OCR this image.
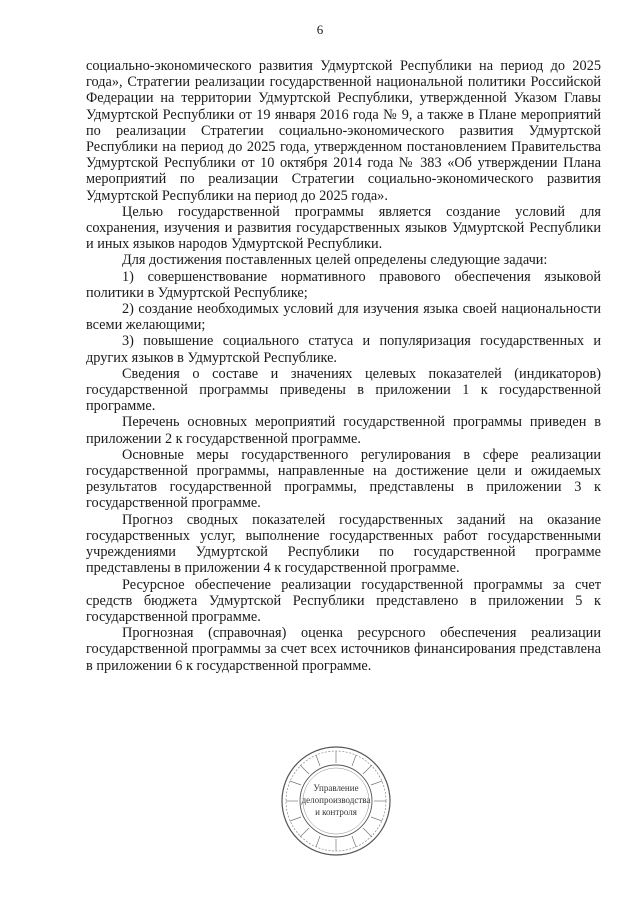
6

социально-экономического развития Удмуртской Республики на период до 2025 года», Стратегии реализации государственной национальной политики Российской Федерации на территории Удмуртской Республики, утвержденной Указом Главы Удмуртской Республики от 19 января 2016 года № 9, а также в Плане мероприятий по реализации Стратегии социально-экономического развития Удмуртской Республики на период до 2025 года, утвержденном постановлением Правительства Удмуртской Республики от 10 октября 2014 года № 383 «Об утверждении Плана мероприятий по реализации Стратегии социально-экономического развития Удмуртской Республики на период до 2025 года».

Целью государственной программы является создание условий для сохранения, изучения и развития государственных языков Удмуртской Республики и иных языков народов Удмуртской Республики.

Для достижения поставленных целей определены следующие задачи:

1) совершенствование нормативного правового обеспечения языковой политики в Удмуртской Республике;

2) создание необходимых условий для изучения языка своей национальности всеми желающими;

3) повышение социального статуса и популяризация государственных и других языков в Удмуртской Республике.

Сведения о составе и значениях целевых показателей (индикаторов) государственной программы приведены в приложении 1 к государственной программе.

Перечень основных мероприятий государственной программы приведен в приложении 2 к государственной программе.

Основные меры государственного регулирования в сфере реализации государственной программы, направленные на достижение цели и ожидаемых результатов государственной программы, представлены в приложении 3 к государственной программе.

Прогноз сводных показателей государственных заданий на оказание государственных услуг, выполнение государственных работ государственными учреждениями Удмуртской Республики по государственной программе представлены в приложении 4 к государственной программе.

Ресурсное обеспечение реализации государственной программы за счет средств бюджета Удмуртской Республики представлено в приложении 5 к государственной программе.

Прогнозная (справочная) оценка ресурсного обеспечения реализации государственной программы за счет всех источников финансирования представлена в приложении 6 к государственной программе.

Управление
делопроизводства
и контроля
